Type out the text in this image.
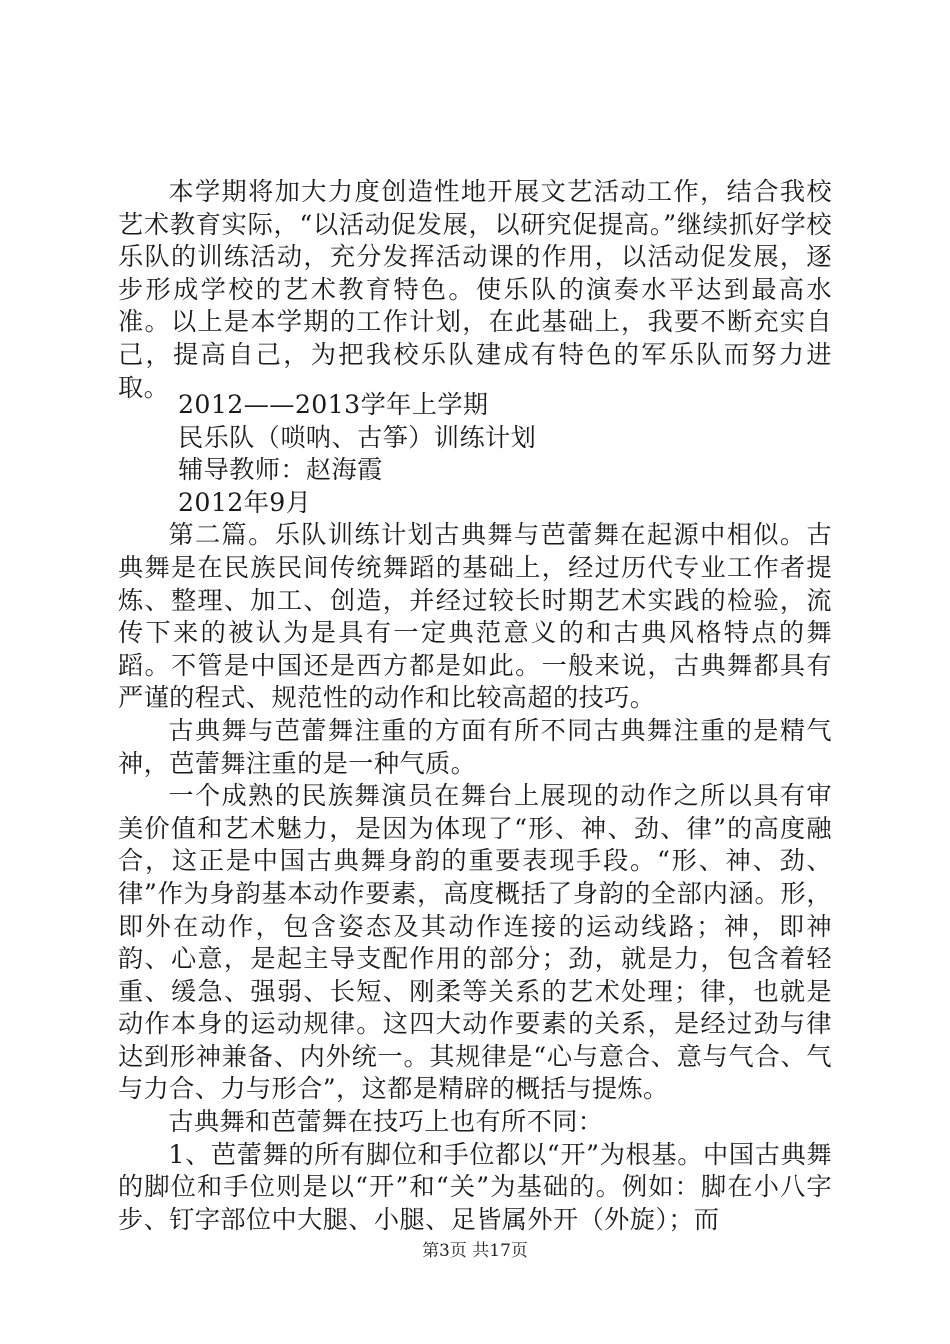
本学期将加大力度创造性地开展文艺活动工作，结合我校艺术教育实际，“以活动促发展，以研究促提高。”继续抓好学校乐队的训练活动，充分发挥活动课的作用，以活动促发展，逐步形成学校的艺术教育特色。使乐队的演奏水平达到最高水准。以上是本学期的工作计划，在此基础上，我要不断充实自己，提高自己，为把我校乐队建成有特色的军乐队而努力进取。

2012——2013学年上学期

民乐队（唢呐、古筝）训练计划

辅导教师：赵海霞

2012年9月

第二篇。乐队训练计划古典舞与芭蕾舞在起源中相似。古典舞是在民族民间传统舞蹈的基础上，经过历代专业工作者提炼、整理、加工、创造，并经过较长时期艺术实践的检验，流传下来的被认为是具有一定典范意义的和古典风格特点的舞蹈。不管是中国还是西方都是如此。一般来说，古典舞都具有严谨的程式、规范性的动作和比较高超的技巧。

古典舞与芭蕾舞注重的方面有所不同古典舞注重的是精气神，芭蕾舞注重的是一种气质。

一个成熟的民族舞演员在舞台上展现的动作之所以具有审美价值和艺术魅力，是因为体现了“形、神、劲、律”的高度融合，这正是中国古典舞身韵的重要表现手段。“形、神、劲、律”作为身韵基本动作要素，高度概括了身韵的全部内涵。形，即外在动作，包含姿态及其动作连接的运动线路；神，即神韵、心意，是起主导支配作用的部分；劲，就是力，包含着轻重、缓急、强弱、长短、刚柔等关系的艺术处理；律，也就是动作本身的运动规律。这四大动作要素的关系，是经过劲与律达到形神兼备、内外统一。其规律是“心与意合、意与气合、气与力合、力与形合”，这都是精辟的概括与提炼。

古典舞和芭蕾舞在技巧上也有所不同：

1、芭蕾舞的所有脚位和手位都以“开”为根基。中国古典舞的脚位和手位则是以“开”和“关”为基础的。例如：脚在小八字步、钉字部位中大腿、小腿、足皆属外开（外旋）；而

第3页 共17页
